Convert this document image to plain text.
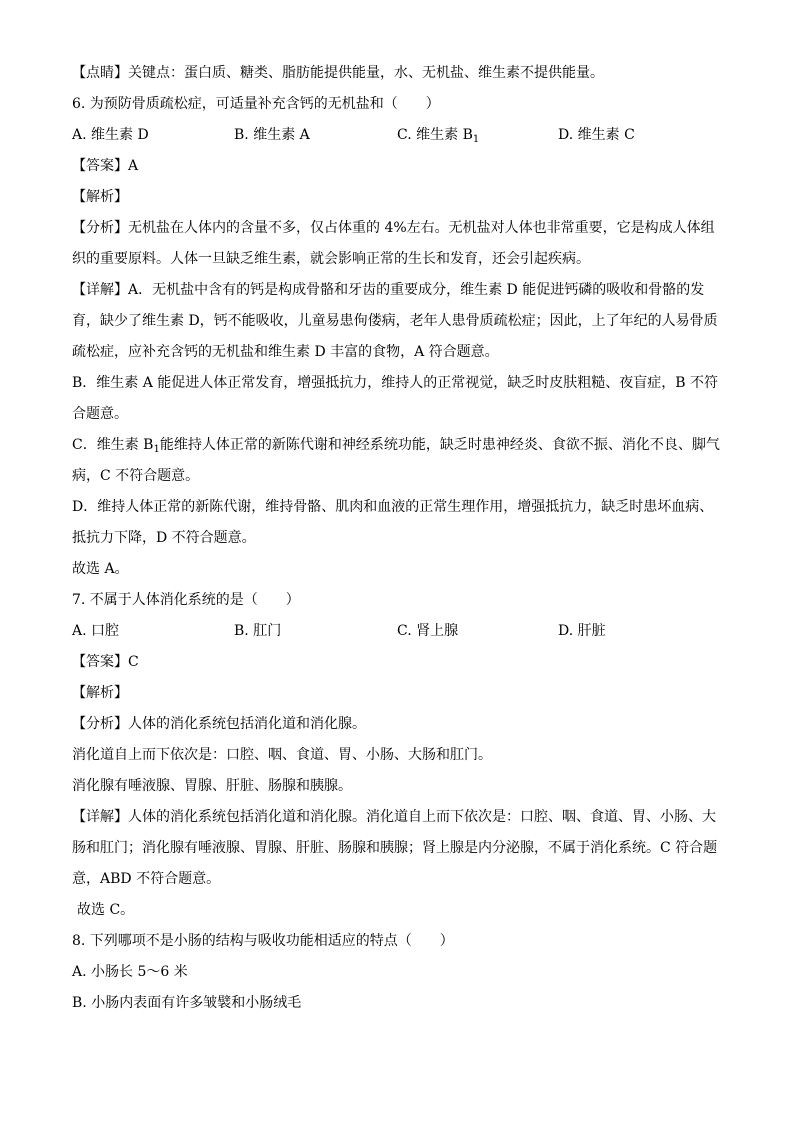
【点睛】关键点：蛋白质、糖类、脂肪能提供能量，水、无机盐、维生素不提供能量。
6. 为预防骨质疏松症，可适量补充含钙的无机盐和（　　）
A. 维生素 D	B. 维生素 A	C. 维生素 $B_1$	D. 维生素 C
【答案】A
【解析】
【分析】无机盐在人体内的含量不多，仅占体重的 4%左右。无机盐对人体也非常重要，它是构成人体组
织的重要原料。人体一旦缺乏维生素，就会影响正常的生长和发育，还会引起疾病。
【详解】A．无机盐中含有的钙是构成骨骼和牙齿的重要成分，维生素 D 能促进钙磷的吸收和骨骼的发
育，缺少了维生素 D，钙不能吸收，儿童易患佝偻病，老年人患骨质疏松症；因此，上了年纪的人易骨质
疏松症，应补充含钙的无机盐和维生素 D 丰富的食物，A 符合题意。
B．维生素 A 能促进人体正常发育，增强抵抗力，维持人的正常视觉，缺乏时皮肤粗糙、夜盲症，B 不符
合题意。
C．维生素 $B_1$能维持人体正常的新陈代谢和神经系统功能，缺乏时患神经炎、食欲不振、消化不良、脚气
病，C 不符合题意。
D．维持人体正常的新陈代谢，维持骨骼、肌肉和血液的正常生理作用，增强抵抗力，缺乏时患坏血病、
抵抗力下降，D 不符合题意。
故选 A。
7. 不属于人体消化系统的是（　　）
A. 口腔	B. 肛门	C. 肾上腺	D. 肝脏
【答案】C
【解析】
【分析】人体的消化系统包括消化道和消化腺。
消化道自上而下依次是：口腔、咽、食道、胃、小肠、大肠和肛门。
消化腺有唾液腺、胃腺、肝脏、肠腺和胰腺。
【详解】人体的消化系统包括消化道和消化腺。消化道自上而下依次是：口腔、咽、食道、胃、小肠、大
肠和肛门；消化腺有唾液腺、胃腺、肝脏、肠腺和胰腺；肾上腺是内分泌腺，不属于消化系统。C 符合题
意，ABD 不符合题意。
故选 C。
8. 下列哪项不是小肠的结构与吸收功能相适应的特点（　　）
A. 小肠长 5～6 米
B. 小肠内表面有许多皱襞和小肠绒毛
